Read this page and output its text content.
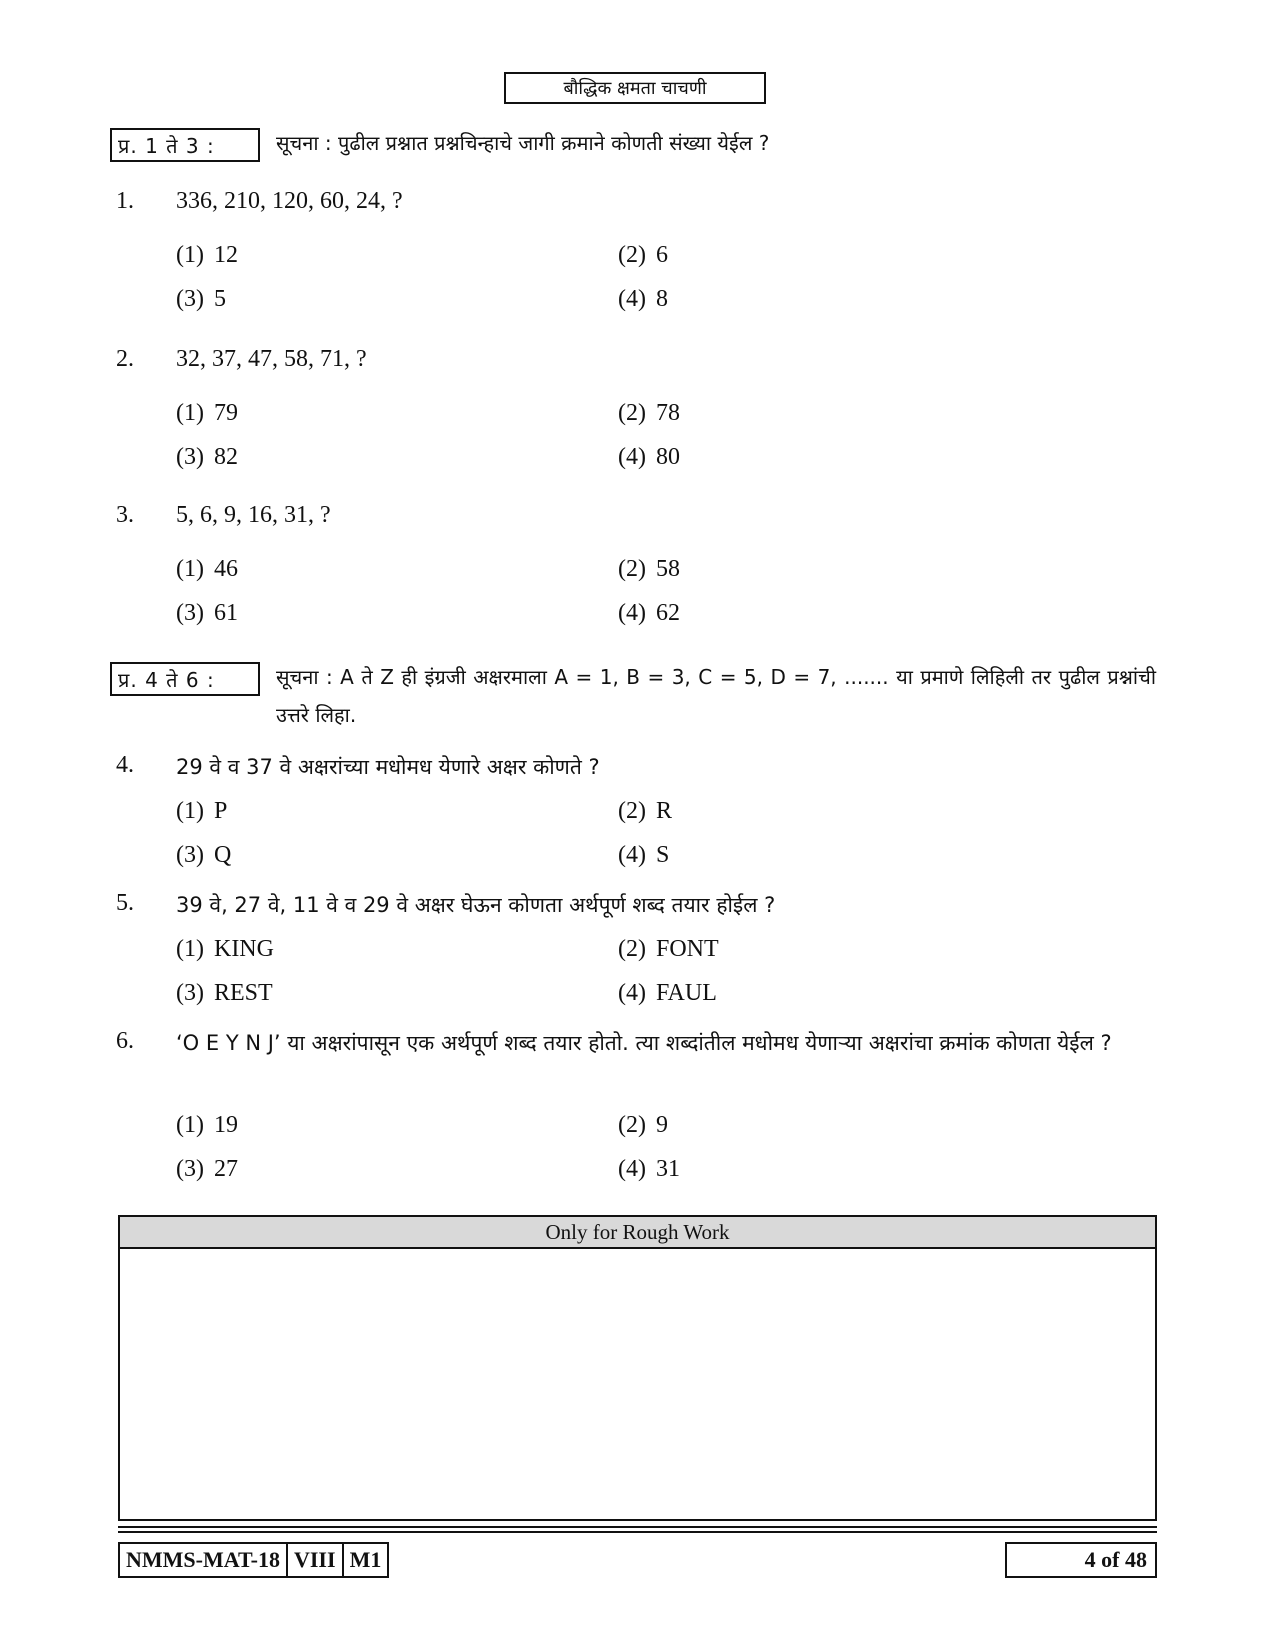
बौद्धिक क्षमता चाचणी
प्र. 1 ते 3 :	सूचना : पुढील प्रश्नात प्रश्नचिन्हाचे जागी क्रमाने कोणती संख्या येईल ?
1. 336, 210, 120, 60, 24, ?
(1) 12	(2) 6
(3) 5	(4) 8
2. 32, 37, 47, 58, 71, ?
(1) 79	(2) 78
(3) 82	(4) 80
3. 5, 6, 9, 16, 31, ?
(1) 46	(2) 58
(3) 61	(4) 62
प्र. 4 ते 6 :	सूचना : A ते Z ही इंग्रजी अक्षरमाला A = 1, B = 3, C = 5, D = 7, ....... या प्रमाणे लिहिली तर पुढील प्रश्नांची उत्तरे लिहा.
4. 29 वे व 37 वे अक्षरांच्या मधोमध येणारे अक्षर कोणते ?
(1) P	(2) R
(3) Q	(4) S
5. 39 वे, 27 वे, 11 वे व 29 वे अक्षर घेऊन कोणता अर्थपूर्ण शब्द तयार होईल ?
(1) KING	(2) FONT
(3) REST	(4) FAUL
6. ‘O E Y N J’ या अक्षरांपासून एक अर्थपूर्ण शब्द तयार होतो. त्या शब्दांतील मधोमध येणाऱ्या अक्षरांचा क्रमांक कोणता येईल ?
(1) 19	(2) 9
(3) 27	(4) 31
Only for Rough Work
NMMS-MAT-18 VIII M1	4 of 48
